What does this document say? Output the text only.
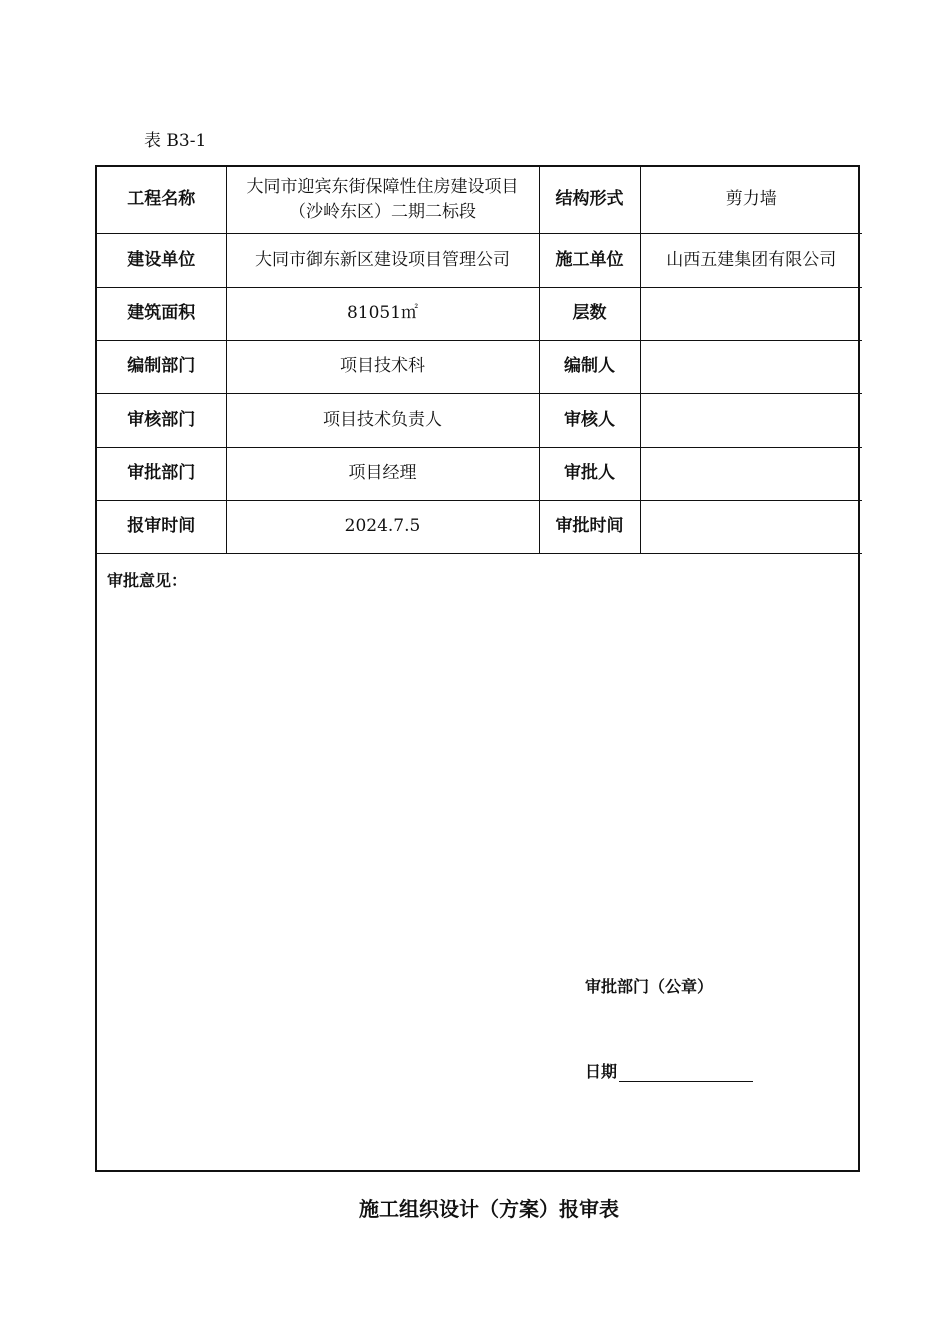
表 B3-1
工程名称	大同市迎宾东街保障性住房建设项目（沙岭东区）二期二标段	结构形式	剪力墙
建设单位	大同市御东新区建设项目管理公司	施工单位	山西五建集团有限公司
建筑面积	81051㎡	层数	
编制部门	项目技术科	编制人	
审核部门	项目技术负责人	审核人	
审批部门	项目经理	审批人	
报审时间	2024.7.5	审批时间	
审批意见：
审批部门（公章）
日期
施工组织设计（方案）报审表
